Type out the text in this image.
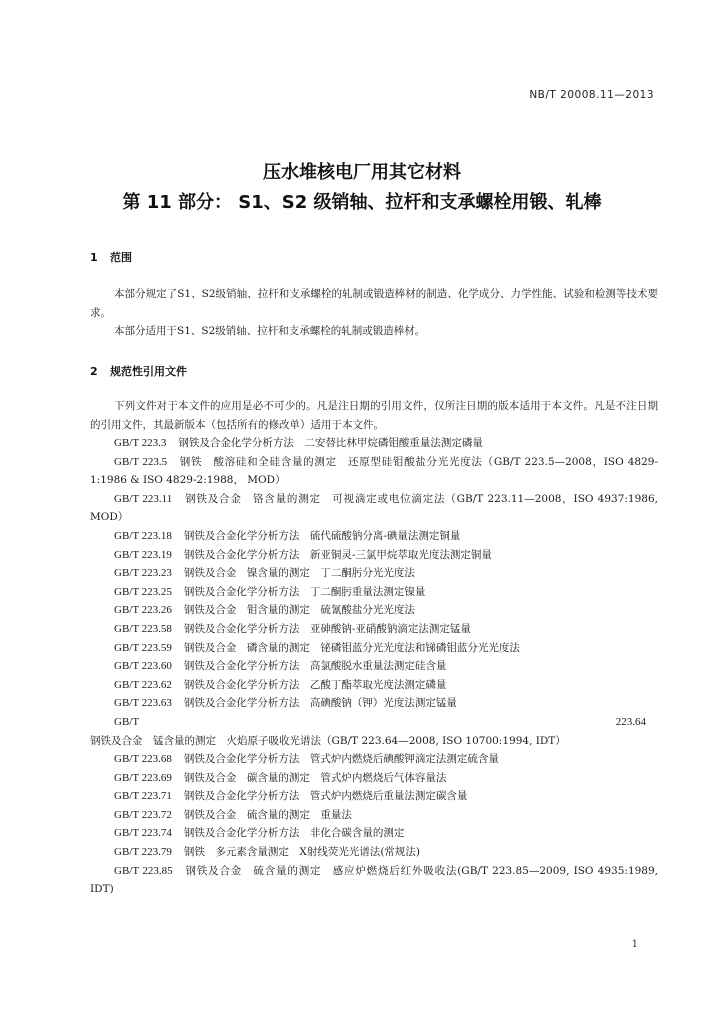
NB/T 20008.11—2013
压水堆核电厂用其它材料
第 11 部分： S1、S2 级销轴、拉杆和支承螺栓用锻、轧棒
1 范围

本部分规定了S1、S2级销轴、拉杆和支承螺栓的轧制或锻造棒材的制造、化学成分、力学性能、试验和检测等技术要求。

本部分适用于S1、S2级销轴、拉杆和支承螺栓的轧制或锻造棒材。

2 规范性引用文件

下列文件对于本文件的应用是必不可少的。凡是注日期的引用文件，仅所注日期的版本适用于本文件。凡是不注日期的引用文件，其最新版本（包括所有的修改单）适用于本文件。

GB/T 223.3 钢铁及合金化学分析方法　二安替比林甲烷磷钼酸重量法测定磷量

GB/T 223.5 钢铁　酸溶硅和全硅含量的测定　还原型硅钼酸盐分光光度法（GB/T 223.5—2008，ISO 4829-1:1986 & ISO 4829-2:1988， MOD）

GB/T 223.11 钢铁及合金　铬含量的测定　可视滴定或电位滴定法（GB/T 223.11—2008，ISO 4937:1986, MOD）

GB/T 223.18 钢铁及合金化学分析方法　硫代硫酸钠分离-碘量法测定铜量

GB/T 223.19 钢铁及合金化学分析方法　新亚铜灵-三氯甲烷萃取光度法测定铜量

GB/T 223.23 钢铁及合金　镍含量的测定　丁二酮肟分光光度法

GB/T 223.25 钢铁及合金化学分析方法　丁二酮肟重量法测定镍量

GB/T 223.26 钢铁及合金　钼含量的测定　硫氰酸盐分光光度法

GB/T 223.58 钢铁及合金化学分析方法　亚砷酸钠-亚硝酸钠滴定法测定锰量

GB/T 223.59 钢铁及合金　磷含量的测定　铋磷钼蓝分光光度法和锑磷钼蓝分光光度法

GB/T 223.60 钢铁及合金化学分析方法　高氯酸脱水重量法测定硅含量

GB/T 223.62 钢铁及合金化学分析方法　乙酸丁酯萃取光度法测定磷量

GB/T 223.63 钢铁及合金化学分析方法　高碘酸钠（钾）光度法测定锰量

GB/T 223.64钢铁及合金　锰含量的测定　火焰原子吸收光谱法（GB/T 223.64—2008, ISO 10700:1994, IDT）

GB/T 223.68 钢铁及合金化学分析方法　管式炉内燃烧后碘酸钾滴定法测定硫含量

GB/T 223.69 钢铁及合金　碳含量的测定　管式炉内燃烧后气体容量法

GB/T 223.71 钢铁及合金化学分析方法　管式炉内燃烧后重量法测定碳含量

GB/T 223.72 钢铁及合金　硫含量的测定　重量法

GB/T 223.74 钢铁及合金化学分析方法　非化合碳含量的测定

GB/T 223.79 钢铁　多元素含量测定　X射线荧光光谱法(常规法)

GB/T 223.85 钢铁及合金　硫含量的测定　感应炉燃烧后红外吸收法(GB/T 223.85—2009, ISO 4935:1989, IDT)

1
